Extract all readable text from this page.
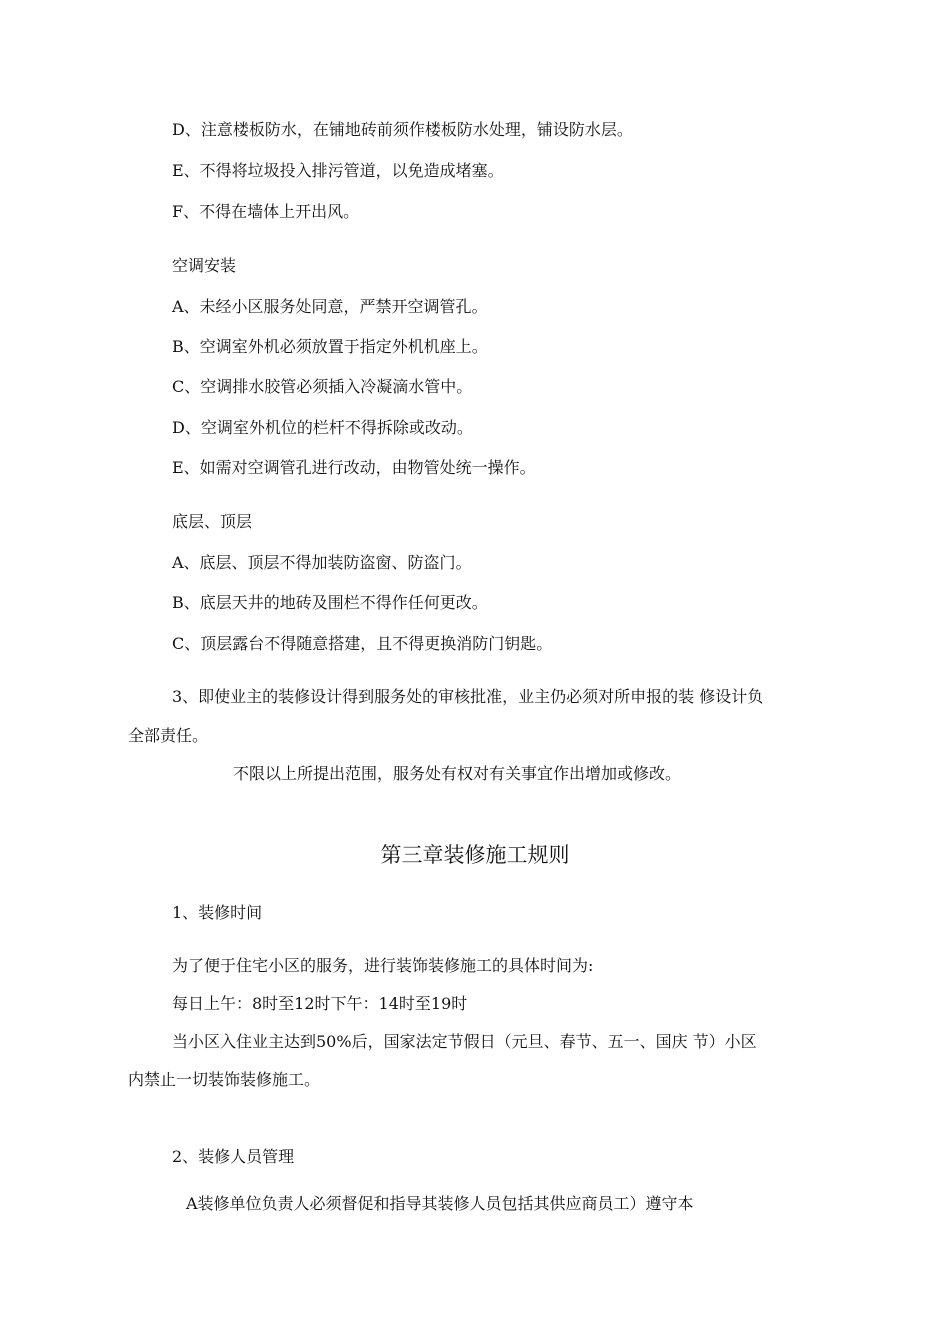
D、注意楼板防水，在铺地砖前须作楼板防水处理，铺设防水层。
E、不得将垃圾投入排污管道，以免造成堵塞。
F、不得在墙体上开出风。
空调安装
A、未经小区服务处同意，严禁开空调管孔。
B、空调室外机必须放置于指定外机机座上。
C、空调排水胶管必须插入冷凝滴水管中。
D、空调室外机位的栏杆不得拆除或改动。
E、如需对空调管孔进行改动，由物管处统一操作。
底层、顶层
A、底层、顶层不得加装防盗窗、防盗门。
B、底层天井的地砖及围栏不得作任何更改。
C、顶层露台不得随意搭建，且不得更换消防门钥匙。
3、即使业主的装修设计得到服务处的审核批准，业主仍必须对所申报的装 修设计负
全部责任。
不限以上所提出范围，服务处有权对有关事宜作出增加或修改。
第三章装修施工规则
1、装修时间
为了便于住宅小区的服务，进行装饰装修施工的具体时间为:
每日上午：8时至12时下午：14时至19时
当小区入住业主达到50%后，国家法定节假日（元旦、春节、五一、国庆 节）小区
内禁止一切装饰装修施工。
2、装修人员管理
A装修单位负责人必须督促和指导其装修人员包括其供应商员工）遵守本
